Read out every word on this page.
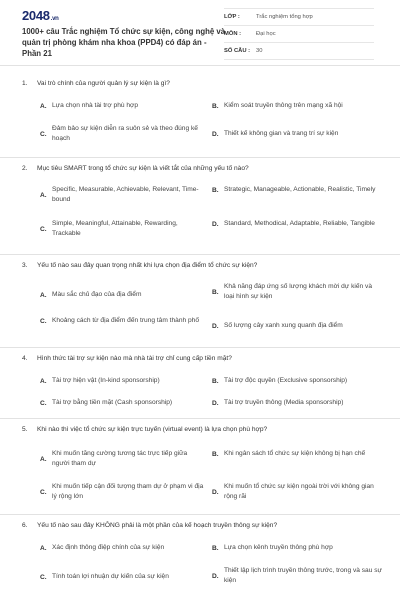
2048.vn
1000+ câu Trắc nghiệm Tổ chức sự kiện, công nghệ và quản trị phòng khám nha khoa (PPD4) có đáp án - Phần 21
LỚP :	Trắc nghiệm tổng hợp
MÔN :	Đại học
SỐ CÂU :	30
1. Vai trò chính của người quản lý sự kiện là gì?
A. Lựa chọn nhà tài trợ phù hợp	B. Kiểm soát truyền thông trên mạng xã hội
C.
Đảm bảo sự kiện diễn ra suôn sẻ và theo đúng kế hoạch
D. Thiết kế không gian và trang trí sự kiện
2. Mục tiêu SMART trong tổ chức sự kiện là viết tắt của những yếu tố nào?
A.
Specific, Measurable, Achievable, Relevant, Time-bound
B. Strategic, Manageable, Actionable, Realistic, Timely
C.
Simple, Meaningful, Attainable, Rewarding, Trackable
D. Standard, Methodical, Adaptable, Reliable, Tangible
3. Yếu tố nào sau đây quan trọng nhất khi lựa chọn địa điểm tổ chức sự kiện?
A. Màu sắc chủ đạo của địa điểm	B.
Khả năng đáp ứng số lượng khách mời dự kiến và loại hình sự kiện
C. Khoảng cách từ địa điểm đến trung tâm thành phố
D. Số lượng cây xanh xung quanh địa điểm
4. Hình thức tài trợ sự kiện nào mà nhà tài trợ chỉ cung cấp tiền mặt?
A. Tài trợ hiện vật (In-kind sponsorship)	B. Tài trợ độc quyền (Exclusive sponsorship)
C. Tài trợ bằng tiền mặt (Cash sponsorship)	D. Tài trợ truyền thông (Media sponsorship)
5. Khi nào thì việc tổ chức sự kiện trực tuyến (virtual event) là lựa chọn phù hợp?
A.
Khi muốn tăng cường tương tác trực tiếp giữa người tham dự
B. Khi ngân sách tổ chức sự kiện không bị hạn chế
C.
Khi muốn tiếp cận đối tượng tham dự ở phạm vi địa lý rộng lớn
D.
Khi muốn tổ chức sự kiện ngoài trời với không gian rộng rãi
6. Yếu tố nào sau đây KHÔNG phải là một phần của kế hoạch truyền thông sự kiện?
A. Xác định thông điệp chính của sự kiện	B. Lựa chọn kênh truyền thông phù hợp
C. Tính toán lợi nhuận dự kiến của sự kiện	D.
Thiết lập lịch trình truyền thông trước, trong và sau sự kiện
